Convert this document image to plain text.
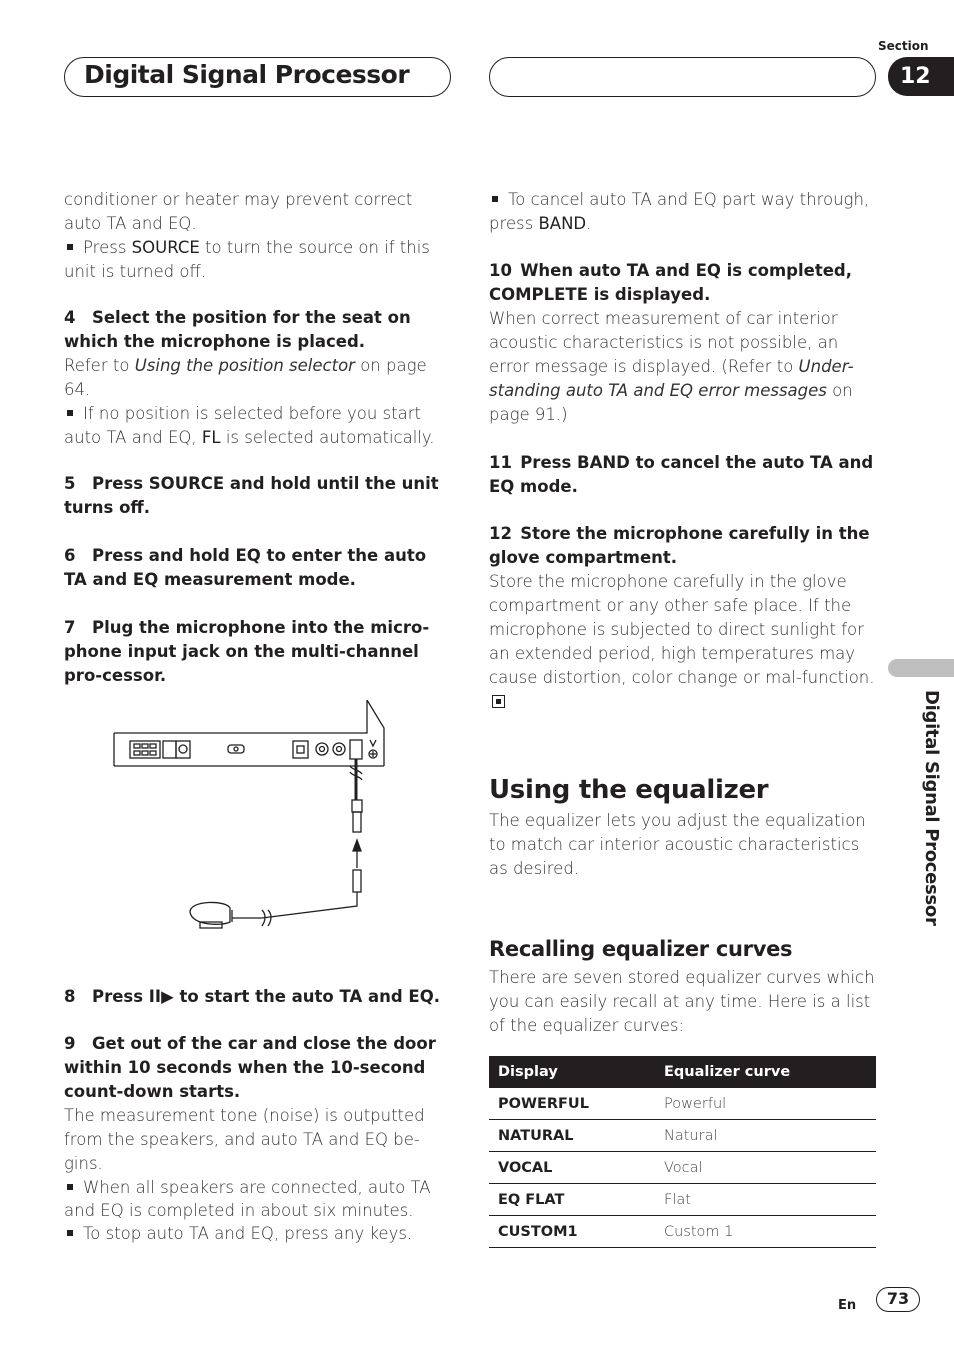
Digital Signal Processor
Section
12
Digital Signal Processor

conditioner or heater may prevent correct auto TA and EQ.

Press SOURCE to turn the source on if this unit is turned off.

4 Select the position for the seat on which the microphone is placed.

Refer to Using the position selector on page 64.

If no position is selected before you start auto TA and EQ, FL is selected automatically.

5 Press SOURCE and hold until the unit turns off.

6 Press and hold EQ to enter the auto TA and EQ measurement mode.

7 Plug the microphone into the micro-phone input jack on the multi-channel pro-cessor.

8 Press II▶ to start the auto TA and EQ.

9 Get out of the car and close the door within 10 seconds when the 10-second count-down starts.

The measurement tone (noise) is outputted from the speakers, and auto TA and EQ be-gins.

When all speakers are connected, auto TA and EQ is completed in about six minutes.

To stop auto TA and EQ, press any keys.

To cancel auto TA and EQ part way through, press BAND.

10 When auto TA and EQ is completed, COMPLETE is displayed.

When correct measurement of car interior acoustic characteristics is not possible, an error message is displayed. (Refer to Under-standing auto TA and EQ error messages on page 91.)

11 Press BAND to cancel the auto TA and EQ mode.

12 Store the microphone carefully in the glove compartment.

Store the microphone carefully in the glove compartment or any other safe place. If the microphone is subjected to direct sunlight for an extended period, high temperatures may cause distortion, color change or mal-function.

Using the equalizer

The equalizer lets you adjust the equalization to match car interior acoustic characteristics as desired.

Recalling equalizer curves

There are seven stored equalizer curves which you can easily recall at any time. Here is a list of the equalizer curves:

Display	Equalizer curve
POWERFUL	Powerful
NATURAL	Natural
VOCAL	Vocal
EQ FLAT	Flat
CUSTOM1	Custom 1
En	73
